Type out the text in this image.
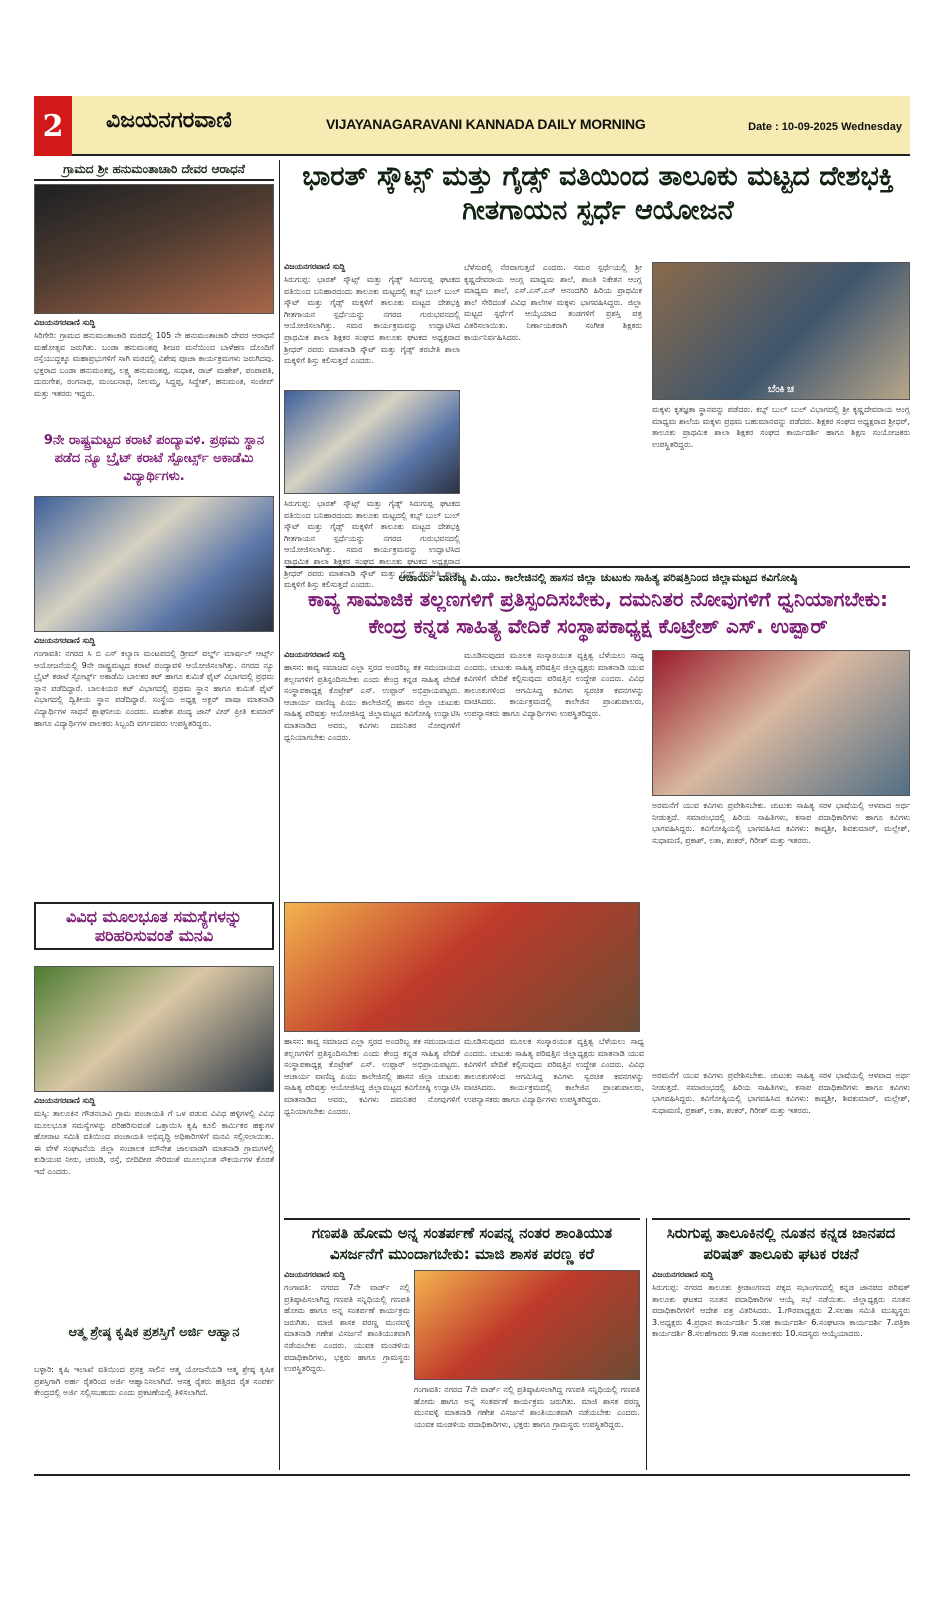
2	ವಿಜಯನಗರವಾಣಿ	VIJAYANAGARAVANI KANNADA DAILY MORNING	Date : 10-09-2025 Wednesday
ಗ್ರಾಮದ ಶ್ರೀ ಹನುಮಂತಾಚಾರಿ ದೇವರ ಆರಾಧನೆ
ವಿಜಯನಗರವಾಣಿ ಸುದ್ದಿ
ಸಿರಿಗೇರಿ: ಗ್ರಾಮದ ಹನುಮಂತಾಚಾರಿ ಮಠದಲ್ಲಿ 105 ನೇ ಹನುಮಂತಾಚಾರಿ ದೇವರ ಆರಾಧನೆ ಮಹೋತ್ಸವ ಜರುಗಿತು. ಬಂಡಾ ಹನುಮಂತಪ್ಪ ಶೀಜರ ಮನೆಯಿಂದ ಬಾಳೆಹಣ ದೊಂದಿಗೆ ರಸ್ತೆಯುದ್ದಕ್ಕೂ ಮಹಾಪ್ರಭುಗಳಿಗೆ ಸಾಗಿ ಮಠದಲ್ಲಿ ವಿಶೇಷ ಪೂಜಾ ಕಾರ್ಯಕ್ರಮಗಳು ಜರುಗಿದವು. ಭಕ್ತರಾದ ಬಂಡಾ ಹನುಮಂತಪ್ಪ, ಲಕ್ಷ್ಮ ಹನುಮಂತಪ್ಪ, ಸುಧಾಕ, ರಾಜ್ ಮಹೇಶ್, ಪಂಪಾಪತಿ, ದುರುಗೇಶ, ರಂಗನಾಥ, ಮಂಜುನಾಥ, ನೀಲಮ್ಮ, ಸಿದ್ದಪ್ಪ, ಸಿದ್ದೇಶ್, ಹನುಮಂತ, ಸಂಜೀವ್ ಮತ್ತು ಇತರರು ಇದ್ದರು.
9ನೇ ರಾಷ್ಟ್ರಮಟ್ಟದ ಕರಾಟೆ ಪಂದ್ಯಾವಳಿ. ಪ್ರಥಮ ಸ್ಥಾನ ಪಡೆದ ನ್ಯೂ ಬ್ರೈಟ್ ಕರಾಟೆ ಸ್ಪೋರ್ಟ್ಸ್ ಅಕಾಡೆಮಿ ವಿದ್ಯಾರ್ಥಿಗಳು.
ವಿಜಯನಗರವಾಣಿ ಸುದ್ದಿ
ಗಂಗಾವತಿ: ನಗರದ ಸಿ ಬಿ ಎಸ್ ಕಲ್ಯಾಣ ಮಂಟಪದಲ್ಲಿ ಡ್ರೀಮ್ ವರ್ಲ್ಡ್ ಮಾರ್ಷಲ್ ಆರ್ಟ್ಸ್ ಆಯೋಜನೆಯಲ್ಲಿ 9ನೇ ರಾಷ್ಟ್ರಮಟ್ಟದ ಕರಾಟೆ ಪಂದ್ಯಾವಳಿ ಆಯೋಜಿಸಲಾಗಿತ್ತು. ನಗರದ ನ್ಯೂ ಬ್ರೈಟ್ ಕರಾಟೆ ಸ್ಪೋರ್ಟ್ಸ್ ಅಕಾಡೆಮಿ ಬಾಲಕರ ಕಟ್ ಹಾಗೂ ಕುಮಿತೆ ಫೈಟ್ ವಿಭಾಗದಲ್ಲಿ ಪ್ರಥಮ ಸ್ಥಾನ ಪಡೆದಿದ್ದಾರೆ. ಬಾಲಕಿಯರ ಕಟ್ ವಿಭಾಗದಲ್ಲಿ ಪ್ರಥಮ ಸ್ಥಾನ ಹಾಗೂ ಕುಮಿತೆ ಫೈಟ್ ವಿಭಾಗದಲ್ಲಿ ದ್ವಿತೀಯ ಸ್ಥಾನ ಪಡೆದಿದ್ದಾರೆ. ಸಂಸ್ಥೆಯ ಅಧ್ಯಕ್ಷ ಅಕ್ಬರ್ ಪಾಷಾ ಮಾತನಾಡಿ ವಿದ್ಯಾರ್ಥಿಗಳ ಸಾಧನೆ ಶ್ಲಾಘನೀಯ ಎಂದರು. ಮಹೇಶ ಪಂದ್ಯ ಜಾನ್ ವೀರ್ ಪ್ರೀತಿ ಕುಮಾರ್ ಹಾಗೂ ವಿದ್ಯಾರ್ಥಿಗಳ ಪಾಲಕರು ಸಿಬ್ಬಂದಿ ವರ್ಗದವರು ಉಪಸ್ಥಿತರಿದ್ದರು.
ವಿವಿಧ ಮೂಲಭೂತ ಸಮಸ್ಯೆಗಳನ್ನು ಪರಿಹರಿಸುವಂತೆ ಮನವಿ
ವಿಜಯನಗರವಾಣಿ ಸುದ್ದಿ
ಮಸ್ಕಿ: ತಾಲೂಕಿನ ಗೌಡನಬಾವಿ ಗ್ರಾಮ ಪಂಚಾಯತಿ ಗೆ ಒಳ ಪಡುವ ವಿವಿಧ ಹಳ್ಳಿಗಳಲ್ಲಿ ವಿವಿಧ ಮೂಲಭೂತ ಸಮಸ್ಯೆಗಳನ್ನು ಪರಿಹರಿಸುವಂತೆ ಒತ್ತಾಯಿಸಿ ಕೃಷಿ ಕೂಲಿ ಕಾರ್ಮಿಕರ ಹಕ್ಕುಗಳ ಹೋರಾಟ ಸಮಿತಿ ವತಿಯಿಂದ ಪಂಚಾಯತಿ ಅಭಿವೃದ್ಧಿ ಅಧಿಕಾರಿಗಳಿಗೆ ಮನವಿ ಸಲ್ಲಿಸಲಾಯಿತು. ಈ ವೇಳೆ ಸಂಘಟನೆಯ ಜಿಲ್ಲಾ ಸಂಚಾಲಕ ಮೌನೇಶ ಜಾಲವಾಡಗಿ ಮಾತನಾಡಿ ಗ್ರಾಮಗಳಲ್ಲಿ ಕುಡಿಯುವ ನೀರು, ಚರಂಡಿ, ರಸ್ತೆ, ಬೀದಿದೀಪ ಸೇರಿದಂತೆ ಮೂಲಭೂತ ಸೌಕರ್ಯಗಳ ಕೊರತೆ ಇದೆ ಎಂದರು.
ಆತ್ಮ ಶ್ರೇಷ್ಠ ಕೃಷಿಕ ಪ್ರಶಸ್ತಿಗೆ ಅರ್ಜಿ ಆಹ್ವಾನ
ಬಳ್ಳಾರಿ: ಕೃಷಿ ಇಲಾಖೆ ವತಿಯಿಂದ ಪ್ರಸಕ್ತ ಸಾಲಿನ ಆತ್ಮ ಯೋಜನೆಯಡಿ ಆತ್ಮ ಶ್ರೇಷ್ಠ ಕೃಷಿಕ ಪ್ರಶಸ್ತಿಗಾಗಿ ಅರ್ಹ ರೈತರಿಂದ ಅರ್ಜಿ ಆಹ್ವಾನಿಸಲಾಗಿದೆ. ಆಸಕ್ತ ರೈತರು ಹತ್ತಿರದ ರೈತ ಸಂಪರ್ಕ ಕೇಂದ್ರದಲ್ಲಿ ಅರ್ಜಿ ಸಲ್ಲಿಸಬಹುದು ಎಂದು ಪ್ರಕಟಣೆಯಲ್ಲಿ ತಿಳಿಸಲಾಗಿದೆ.
ಭಾರತ್ ಸ್ಕೌಟ್ಸ್ ಮತ್ತು ಗೈಡ್ಸ್ ವತಿಯಿಂದ ತಾಲೂಕು ಮಟ್ಟದ ದೇಶಭಕ್ತಿ ಗೀತಗಾಯನ ಸ್ಪರ್ಧೆ ಆಯೋಜನೆ
ವಿಜಯನಗರವಾಣಿ ಸುದ್ದಿ
ಸಿರುಗುಪ್ಪ: ಭಾರತ್ ಸ್ಕೌಟ್ಸ್ ಮತ್ತು ಗೈಡ್ಸ್ ಸಿರುಗುಪ್ಪ ಘಟಕದ ವತಿಯಿಂದ ಬನಿಹಾರದಂದು ತಾಲೂಕು ಮಟ್ಟದಲ್ಲಿ ಕಬ್ಸ್ ಬುಲ್ ಬುಲ್ ಸ್ಕೌಟ್ ಮತ್ತು ಗೈಡ್ಸ್ ಮಕ್ಕಳಿಗೆ ತಾಲೂಕು ಮಟ್ಟದ ದೇಶಭಕ್ತಿ ಗೀತಗಾಯನ ಸ್ಪರ್ಧೆಯನ್ನು ನಗರದ ಗುರುಭವನದಲ್ಲಿ ಆಯೋಜಿಸಲಾಗಿತ್ತು. ಸಮರ ಕಾರ್ಯಕ್ರಮವನ್ನು ಉದ್ಘಾಟಿಸಿದ ಪ್ರಾಥಮಿಕ ಶಾಲಾ ಶಿಕ್ಷಕರ ಸಂಘದ ತಾಲೂಕು ಘಟಕದ ಅಧ್ಯಕ್ಷರಾದ ಶ್ರೀಧರ್ ರವರು ಮಾತನಾಡಿ ಸ್ಕೌಟ್ ಮತ್ತು ಗೈಡ್ಸ್ ತರಬೇತಿ ಶಾಲಾ ಮಕ್ಕಳಿಗೆ ಶಿಸ್ತು ಕಲಿಸುತ್ತದೆ ಎಂದರು.
ಬೆಳೆಸುವಲ್ಲಿ ನೆರವಾಗುತ್ತದೆ ಎಂದರು. ಸಮರ ಸ್ಪರ್ಧೆಯಲ್ಲಿ ಶ್ರೀ ಕೃಷ್ಣದೇವರಾಯ ಆಂಗ್ಲ ಮಾಧ್ಯಮ ಶಾಲೆ, ಶಾಂತಿ ನಿಕೇತನ ಆಂಗ್ಲ ಮಾಧ್ಯಮ ಶಾಲೆ, ಎಸ್.ಎಸ್.ಎಸ್ ಆನಂದಗಿರಿ ಹಿರಿಯ ಪ್ರಾಥಮಿಕ ಶಾಲೆ ಸೇರಿದಂತೆ ವಿವಿಧ ಶಾಲೆಗಳ ಮಕ್ಕಳು ಭಾಗವಹಿಸಿದ್ದರು. ಜಿಲ್ಲಾ ಮಟ್ಟದ ಸ್ಪರ್ಧೆಗೆ ಆಯ್ಕೆಯಾದ ತಂಡಗಳಿಗೆ ಪ್ರಶಸ್ತಿ ಪತ್ರ ವಿತರಿಸಲಾಯಿತು. ನಿರ್ಣಾಯಕರಾಗಿ ಸಂಗೀತ ಶಿಕ್ಷಕರು ಕಾರ್ಯನಿರ್ವಹಿಸಿದರು.
ಸಿರುಗುಪ್ಪ: ಭಾರತ್ ಸ್ಕೌಟ್ಸ್ ಮತ್ತು ಗೈಡ್ಸ್ ಸಿರುಗುಪ್ಪ ಘಟಕದ ವತಿಯಿಂದ ಬನಿಹಾರದಂದು ತಾಲೂಕು ಮಟ್ಟದಲ್ಲಿ ಕಬ್ಸ್ ಬುಲ್ ಬುಲ್ ಸ್ಕೌಟ್ ಮತ್ತು ಗೈಡ್ಸ್ ಮಕ್ಕಳಿಗೆ ತಾಲೂಕು ಮಟ್ಟದ ದೇಶಭಕ್ತಿ ಗೀತಗಾಯನ ಸ್ಪರ್ಧೆಯನ್ನು ನಗರದ ಗುರುಭವನದಲ್ಲಿ ಆಯೋಜಿಸಲಾಗಿತ್ತು. ಸಮರ ಕಾರ್ಯಕ್ರಮವನ್ನು ಉದ್ಘಾಟಿಸಿದ ಪ್ರಾಥಮಿಕ ಶಾಲಾ ಶಿಕ್ಷಕರ ಸಂಘದ ತಾಲೂಕು ಘಟಕದ ಅಧ್ಯಕ್ಷರಾದ ಶ್ರೀಧರ್ ರವರು ಮಾತನಾಡಿ ಸ್ಕೌಟ್ ಮತ್ತು ಗೈಡ್ಸ್ ತರಬೇತಿ ಶಾಲಾ ಮಕ್ಕಳಿಗೆ ಶಿಸ್ತು ಕಲಿಸುತ್ತದೆ ಎಂದರು.
ಬೆಂಕಿ ಚ
ಮಕ್ಕಳು ಕೃತಜ್ಞತಾ ಸ್ಥಾನವನ್ನು ಪಡೆದರು. ಕಬ್ಸ್ ಬುಲ್ ಬುಲ್ ವಿಭಾಗದಲ್ಲಿ ಶ್ರೀ ಕೃಷ್ಣದೇವರಾಯ ಆಂಗ್ಲ ಮಾಧ್ಯಮ ಶಾಲೆಯ ಮಕ್ಕಳು ಪ್ರಥಮ ಬಹುಮಾನವನ್ನು ಪಡೆದರು. ಶಿಕ್ಷಕರ ಸಂಘದ ಅಧ್ಯಕ್ಷರಾದ ಶ್ರೀಧರ್, ತಾಲೂಕು ಪ್ರಾಥಮಿಕ ಶಾಲಾ ಶಿಕ್ಷಕರ ಸಂಘದ ಕಾರ್ಯದರ್ಶಿ ಹಾಗೂ ಶಿಕ್ಷಣ ಸಂಯೋಜಕರು ಉಪಸ್ಥಿತರಿದ್ದರು.
ಆಚಾರ್ಯ ವಾಣಿಜ್ಯ ಪಿ.ಯು. ಕಾಲೇಜಿನಲ್ಲಿ ಹಾಸನ ಜಿಲ್ಲಾ ಚುಟುಕು ಸಾಹಿತ್ಯ ಪರಿಷತ್ತಿನಿಂದ ಜಿಲ್ಲಾಮಟ್ಟದ ಕವಿಗೋಷ್ಠಿ
ಕಾವ್ಯ ಸಾಮಾಜಿಕ ತಲ್ಲಣಗಳಿಗೆ ಪ್ರತಿಸ್ಪಂದಿಸಬೇಕು, ದಮನಿತರ ನೋವುಗಳಿಗೆ ಧ್ವನಿಯಾಗಬೇಕು: ಕೇಂದ್ರ ಕನ್ನಡ ಸಾಹಿತ್ಯ ವೇದಿಕೆ ಸಂಸ್ಥಾಪಕಾಧ್ಯಕ್ಷ ಕೊಟ್ರೇಶ್ ಎಸ್. ಉಪ್ಪಾರ್
ವಿಜಯನಗರವಾಣಿ ಸುದ್ದಿ
ಹಾಸನ: ಕಾವ್ಯ ಸಮಾಜದ ಎಲ್ಲಾ ಸ್ತರದ ಅಂದರಿಬ್ಬ ತಕ ಸಮುದಾಯದ ತಲ್ಲಣಗಳಿಗೆ ಪ್ರತಿಸ್ಪಂದಿಸಬೇಕು ಎಂದು ಕೇಂದ್ರ ಕನ್ನಡ ಸಾಹಿತ್ಯ ವೇದಿಕೆ ಸಂಸ್ಥಾಪಕಾಧ್ಯಕ್ಷ ಕೊಟ್ರೇಶ್ ಎಸ್. ಉಪ್ಪಾರ್ ಅಭಿಪ್ರಾಯಪಟ್ಟರು. ಆಚಾರ್ಯ ವಾಣಿಜ್ಯ ಪಿಯು ಕಾಲೇಜಿನಲ್ಲಿ ಹಾಸನ ಜಿಲ್ಲಾ ಚುಟುಕು ಸಾಹಿತ್ಯ ಪರಿಷತ್ತು ಆಯೋಜಿಸಿದ್ದ ಜಿಲ್ಲಾಮಟ್ಟದ ಕವಿಗೋಷ್ಠಿ ಉದ್ಘಾಟಿಸಿ ಮಾತನಾಡಿದ ಅವರು, ಕವಿಗಳು ದಮನಿತರ ನೋವುಗಳಿಗೆ ಧ್ವನಿಯಾಗಬೇಕು ಎಂದರು.
ಮೂಡಿಸುವುದರ ಮೂಲಕ ಸಂಸ್ಕಾರಯುತ ವ್ಯಕ್ತಿತ್ವ ಬೆಳೆಯಲು ಸಾಧ್ಯ ಎಂದರು. ಚುಟುಕು ಸಾಹಿತ್ಯ ಪರಿಷತ್ತಿನ ಜಿಲ್ಲಾಧ್ಯಕ್ಷರು ಮಾತನಾಡಿ ಯುವ ಕವಿಗಳಿಗೆ ವೇದಿಕೆ ಕಲ್ಪಿಸುವುದು ಪರಿಷತ್ತಿನ ಉದ್ದೇಶ ಎಂದರು. ವಿವಿಧ ತಾಲೂಕುಗಳಿಂದ ಆಗಮಿಸಿದ್ದ ಕವಿಗಳು ಸ್ವರಚಿತ ಕವನಗಳನ್ನು ವಾಚಿಸಿದರು. ಕಾರ್ಯಕ್ರಮದಲ್ಲಿ ಕಾಲೇಜಿನ ಪ್ರಾಂಶುಪಾಲರು, ಉಪನ್ಯಾಸಕರು ಹಾಗೂ ವಿದ್ಯಾರ್ಥಿಗಳು ಉಪಸ್ಥಿತರಿದ್ದರು.
ಅರಮನೆಗೆ ಯುವ ಕವಿಗಳು ಪ್ರವೇಶಿಸಬೇಕು. ಚುಟುಕು ಸಾಹಿತ್ಯ ಸರಳ ಭಾಷೆಯಲ್ಲಿ ಆಳವಾದ ಅರ್ಥ ನೀಡುತ್ತದೆ. ಸಮಾರಂಭದಲ್ಲಿ ಹಿರಿಯ ಸಾಹಿತಿಗಳು, ಕಸಾಪ ಪದಾಧಿಕಾರಿಗಳು ಹಾಗೂ ಕವಿಗಳು ಭಾಗವಹಿಸಿದ್ದರು. ಕವಿಗೋಷ್ಠಿಯಲ್ಲಿ ಭಾಗವಹಿಸಿದ ಕವಿಗಳು: ಕಾವ್ಯಶ್ರೀ, ಶಿವಕುಮಾರ್, ಮಲ್ಲೇಶ್, ಸುಧಾಮಣಿ, ಪ್ರಕಾಶ್, ಲತಾ, ಶಂಕರ್, ಗಿರೀಶ್ ಮತ್ತು ಇತರರು.
ಹಾಸನ: ಕಾವ್ಯ ಸಮಾಜದ ಎಲ್ಲಾ ಸ್ತರದ ಅಂದರಿಬ್ಬ ತಕ ಸಮುದಾಯದ ತಲ್ಲಣಗಳಿಗೆ ಪ್ರತಿಸ್ಪಂದಿಸಬೇಕು ಎಂದು ಕೇಂದ್ರ ಕನ್ನಡ ಸಾಹಿತ್ಯ ವೇದಿಕೆ ಸಂಸ್ಥಾಪಕಾಧ್ಯಕ್ಷ ಕೊಟ್ರೇಶ್ ಎಸ್. ಉಪ್ಪಾರ್ ಅಭಿಪ್ರಾಯಪಟ್ಟರು. ಆಚಾರ್ಯ ವಾಣಿಜ್ಯ ಪಿಯು ಕಾಲೇಜಿನಲ್ಲಿ ಹಾಸನ ಜಿಲ್ಲಾ ಚುಟುಕು ಸಾಹಿತ್ಯ ಪರಿಷತ್ತು ಆಯೋಜಿಸಿದ್ದ ಜಿಲ್ಲಾಮಟ್ಟದ ಕವಿಗೋಷ್ಠಿ ಉದ್ಘಾಟಿಸಿ ಮಾತನಾಡಿದ ಅವರು, ಕವಿಗಳು ದಮನಿತರ ನೋವುಗಳಿಗೆ ಧ್ವನಿಯಾಗಬೇಕು ಎಂದರು.
ಮೂಡಿಸುವುದರ ಮೂಲಕ ಸಂಸ್ಕಾರಯುತ ವ್ಯಕ್ತಿತ್ವ ಬೆಳೆಯಲು ಸಾಧ್ಯ ಎಂದರು. ಚುಟುಕು ಸಾಹಿತ್ಯ ಪರಿಷತ್ತಿನ ಜಿಲ್ಲಾಧ್ಯಕ್ಷರು ಮಾತನಾಡಿ ಯುವ ಕವಿಗಳಿಗೆ ವೇದಿಕೆ ಕಲ್ಪಿಸುವುದು ಪರಿಷತ್ತಿನ ಉದ್ದೇಶ ಎಂದರು. ವಿವಿಧ ತಾಲೂಕುಗಳಿಂದ ಆಗಮಿಸಿದ್ದ ಕವಿಗಳು ಸ್ವರಚಿತ ಕವನಗಳನ್ನು ವಾಚಿಸಿದರು. ಕಾರ್ಯಕ್ರಮದಲ್ಲಿ ಕಾಲೇಜಿನ ಪ್ರಾಂಶುಪಾಲರು, ಉಪನ್ಯಾಸಕರು ಹಾಗೂ ವಿದ್ಯಾರ್ಥಿಗಳು ಉಪಸ್ಥಿತರಿದ್ದರು.
ಅರಮನೆಗೆ ಯುವ ಕವಿಗಳು ಪ್ರವೇಶಿಸಬೇಕು. ಚುಟುಕು ಸಾಹಿತ್ಯ ಸರಳ ಭಾಷೆಯಲ್ಲಿ ಆಳವಾದ ಅರ್ಥ ನೀಡುತ್ತದೆ. ಸಮಾರಂಭದಲ್ಲಿ ಹಿರಿಯ ಸಾಹಿತಿಗಳು, ಕಸಾಪ ಪದಾಧಿಕಾರಿಗಳು ಹಾಗೂ ಕವಿಗಳು ಭಾಗವಹಿಸಿದ್ದರು. ಕವಿಗೋಷ್ಠಿಯಲ್ಲಿ ಭಾಗವಹಿಸಿದ ಕವಿಗಳು: ಕಾವ್ಯಶ್ರೀ, ಶಿವಕುಮಾರ್, ಮಲ್ಲೇಶ್, ಸುಧಾಮಣಿ, ಪ್ರಕಾಶ್, ಲತಾ, ಶಂಕರ್, ಗಿರೀಶ್ ಮತ್ತು ಇತರರು.
ಗಣಪತಿ ಹೋಮ ಅನ್ನ ಸಂತರ್ಪಣೆ ಸಂಪನ್ನ ನಂತರ ಶಾಂತಿಯುತ ವಿಸರ್ಜನೆಗೆ ಮುಂದಾಗಬೇಕು: ಮಾಜಿ ಶಾಸಕ ಪರಣ್ಣ ಕರೆ
ವಿಜಯನಗರವಾಣಿ ಸುದ್ದಿ
ಗಂಗಾವತಿ: ನಗರದ 7ನೇ ವಾರ್ಡ್ ನಲ್ಲಿ ಪ್ರತಿಷ್ಠಾಪಿಸಲಾಗಿದ್ದ ಗಣಪತಿ ಸನ್ನಿಧಿಯಲ್ಲಿ ಗಣಪತಿ ಹೋಮ ಹಾಗೂ ಅನ್ನ ಸಂತರ್ಪಣೆ ಕಾರ್ಯಕ್ರಮ ಜರುಗಿತು. ಮಾಜಿ ಶಾಸಕ ಪರಣ್ಣ ಮುನವಳ್ಳಿ ಮಾತನಾಡಿ ಗಣೇಶ ವಿಸರ್ಜನೆ ಶಾಂತಿಯುತವಾಗಿ ನಡೆಯಬೇಕು ಎಂದರು. ಯುವಕ ಮಂಡಳಿಯ ಪದಾಧಿಕಾರಿಗಳು, ಭಕ್ತರು ಹಾಗೂ ಗ್ರಾಮಸ್ಥರು ಉಪಸ್ಥಿತರಿದ್ದರು.
ಗಂಗಾವತಿ: ನಗರದ 7ನೇ ವಾರ್ಡ್ ನಲ್ಲಿ ಪ್ರತಿಷ್ಠಾಪಿಸಲಾಗಿದ್ದ ಗಣಪತಿ ಸನ್ನಿಧಿಯಲ್ಲಿ ಗಣಪತಿ ಹೋಮ ಹಾಗೂ ಅನ್ನ ಸಂತರ್ಪಣೆ ಕಾರ್ಯಕ್ರಮ ಜರುಗಿತು. ಮಾಜಿ ಶಾಸಕ ಪರಣ್ಣ ಮುನವಳ್ಳಿ ಮಾತನಾಡಿ ಗಣೇಶ ವಿಸರ್ಜನೆ ಶಾಂತಿಯುತವಾಗಿ ನಡೆಯಬೇಕು ಎಂದರು. ಯುವಕ ಮಂಡಳಿಯ ಪದಾಧಿಕಾರಿಗಳು, ಭಕ್ತರು ಹಾಗೂ ಗ್ರಾಮಸ್ಥರು ಉಪಸ್ಥಿತರಿದ್ದರು.
ಸಿರುಗುಪ್ಪ ತಾಲೂಕಿನಲ್ಲಿ ನೂತನ ಕನ್ನಡ ಜಾನಪದ ಪರಿಷತ್ ತಾಲೂಕು ಘಟಕ ರಚನೆ
ವಿಜಯನಗರವಾಣಿ ಸುದ್ದಿ
ಸಿರುಗುಪ್ಪ: ನಗರದ ತಾಲೂಕು ಕ್ರೀಡಾಂಗಣದ ಪಕ್ಕದ ಸಭಾಂಗಣದಲ್ಲಿ ಕನ್ನಡ ಜಾನಪದ ಪರಿಷತ್ ತಾಲೂಕು ಘಟಕದ ನೂತನ ಪದಾಧಿಕಾರಿಗಳ ಆಯ್ಕೆ ಸಭೆ ನಡೆಯಿತು. ಜಿಲ್ಲಾಧ್ಯಕ್ಷರು ನೂತನ ಪದಾಧಿಕಾರಿಗಳಿಗೆ ಆದೇಶ ಪತ್ರ ವಿತರಿಸಿದರು. 1.ಗೌರವಾಧ್ಯಕ್ಷರು 2.ಸಲಹಾ ಸಮಿತಿ ಮುಖ್ಯಸ್ಥರು 3.ಅಧ್ಯಕ್ಷರು 4.ಪ್ರಧಾನ ಕಾರ್ಯದರ್ಶಿ 5.ಸಹ ಕಾರ್ಯದರ್ಶಿ 6.ಸಂಘಟನಾ ಕಾರ್ಯದರ್ಶಿ 7.ಪತ್ರಿಕಾ ಕಾರ್ಯದರ್ಶಿ 8.ಸಲಹೆಗಾರರು 9.ಸಹ ಸಂಚಾಲಕರು 10.ಸದಸ್ಯರು ಆಯ್ಕೆಯಾದರು.
